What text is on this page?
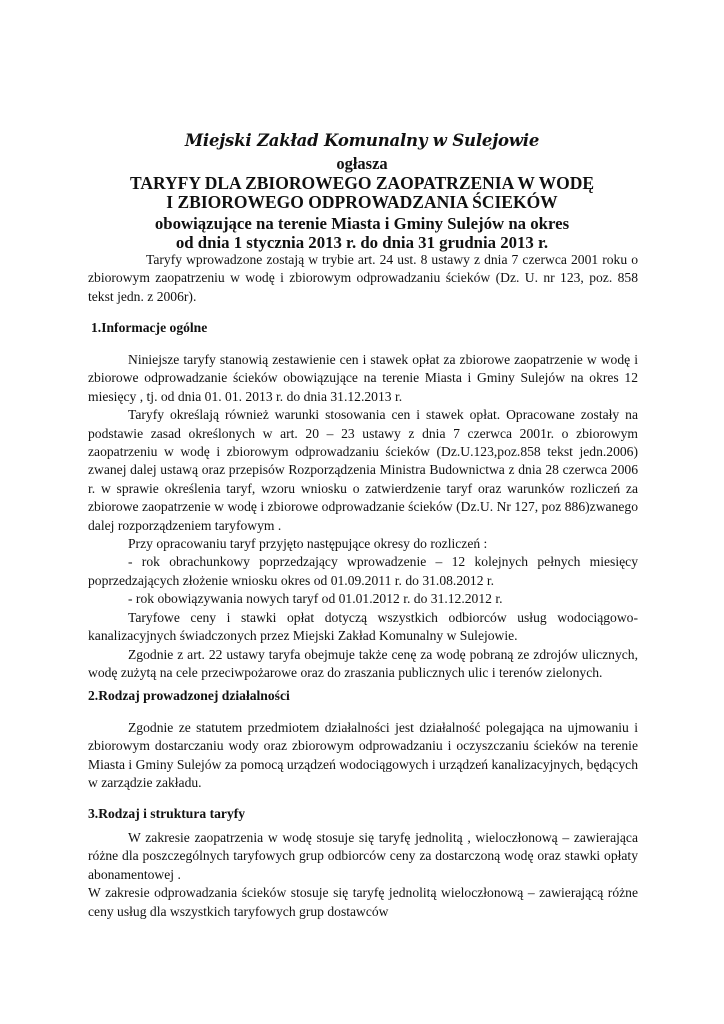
Miejski Zakład Komunalny w Sulejowie
ogłasza
TARYFY DLA ZBIOROWEGO ZAOPATRZENIA W WODĘ
I ZBIOROWEGO ODPROWADZANIA ŚCIEKÓW
obowiązujące na terenie Miasta i Gminy Sulejów na okres
od dnia 1 stycznia 2013 r. do dnia 31 grudnia 2013 r.

Taryfy wprowadzone zostają w trybie art. 24 ust. 8 ustawy z dnia 7 czerwca 2001 roku o zbiorowym zaopatrzeniu w wodę i zbiorowym odprowadzaniu ścieków (Dz. U. nr 123, poz. 858 tekst jedn. z 2006r).

1.Informacje ogólne

Niniejsze taryfy stanowią zestawienie cen i stawek opłat za zbiorowe zaopatrzenie w wodę i zbiorowe odprowadzanie ścieków obowiązujące na terenie Miasta i Gminy Sulejów na okres 12 miesięcy , tj. od dnia 01. 01. 2013 r. do dnia 31.12.2013 r.

Taryfy określają również warunki stosowania cen i stawek opłat. Opracowane zostały na podstawie zasad określonych w art. 20 – 23 ustawy z dnia 7 czerwca 2001r. o zbiorowym zaopatrzeniu w wodę i zbiorowym odprowadzaniu ścieków (Dz.U.123,poz.858 tekst jedn.2006) zwanej dalej ustawą oraz przepisów Rozporządzenia Ministra Budownictwa z dnia 28 czerwca 2006 r. w sprawie określenia taryf, wzoru wniosku o zatwierdzenie taryf oraz warunków rozliczeń za zbiorowe zaopatrzenie w wodę i zbiorowe odprowadzanie ścieków (Dz.U. Nr 127, poz 886)zwanego dalej rozporządzeniem taryfowym .

Przy opracowaniu taryf przyjęto następujące okresy do rozliczeń :

- rok obrachunkowy poprzedzający wprowadzenie – 12 kolejnych pełnych miesięcy poprzedzających złożenie wniosku okres od 01.09.2011 r. do 31.08.2012 r.

- rok obowiązywania nowych taryf od 01.01.2012 r. do 31.12.2012 r.

Taryfowe ceny i stawki opłat dotyczą wszystkich odbiorców usług wodociągowo-kanalizacyjnych świadczonych przez Miejski Zakład Komunalny w Sulejowie.

Zgodnie z art. 22 ustawy taryfa obejmuje także cenę za wodę pobraną ze zdrojów ulicznych, wodę zużytą na cele przeciwpożarowe oraz do zraszania publicznych ulic i terenów zielonych.

2.Rodzaj prowadzonej działalności

Zgodnie ze statutem przedmiotem działalności jest działalność polegająca na ujmowaniu i zbiorowym dostarczaniu wody oraz zbiorowym odprowadzaniu i oczyszczaniu ścieków na terenie Miasta i Gminy Sulejów za pomocą urządzeń wodociągowych i urządzeń kanalizacyjnych, będących w zarządzie zakładu.

3.Rodzaj i struktura taryfy

W zakresie zaopatrzenia w wodę stosuje się taryfę jednolitą , wieloczłonową – zawierająca różne dla poszczególnych taryfowych grup odbiorców ceny za dostarczoną wodę oraz stawki opłaty abonamentowej .

W zakresie odprowadzania ścieków stosuje się taryfę jednolitą wieloczłonową – zawierającą różne ceny usług dla wszystkich taryfowych grup dostawców
